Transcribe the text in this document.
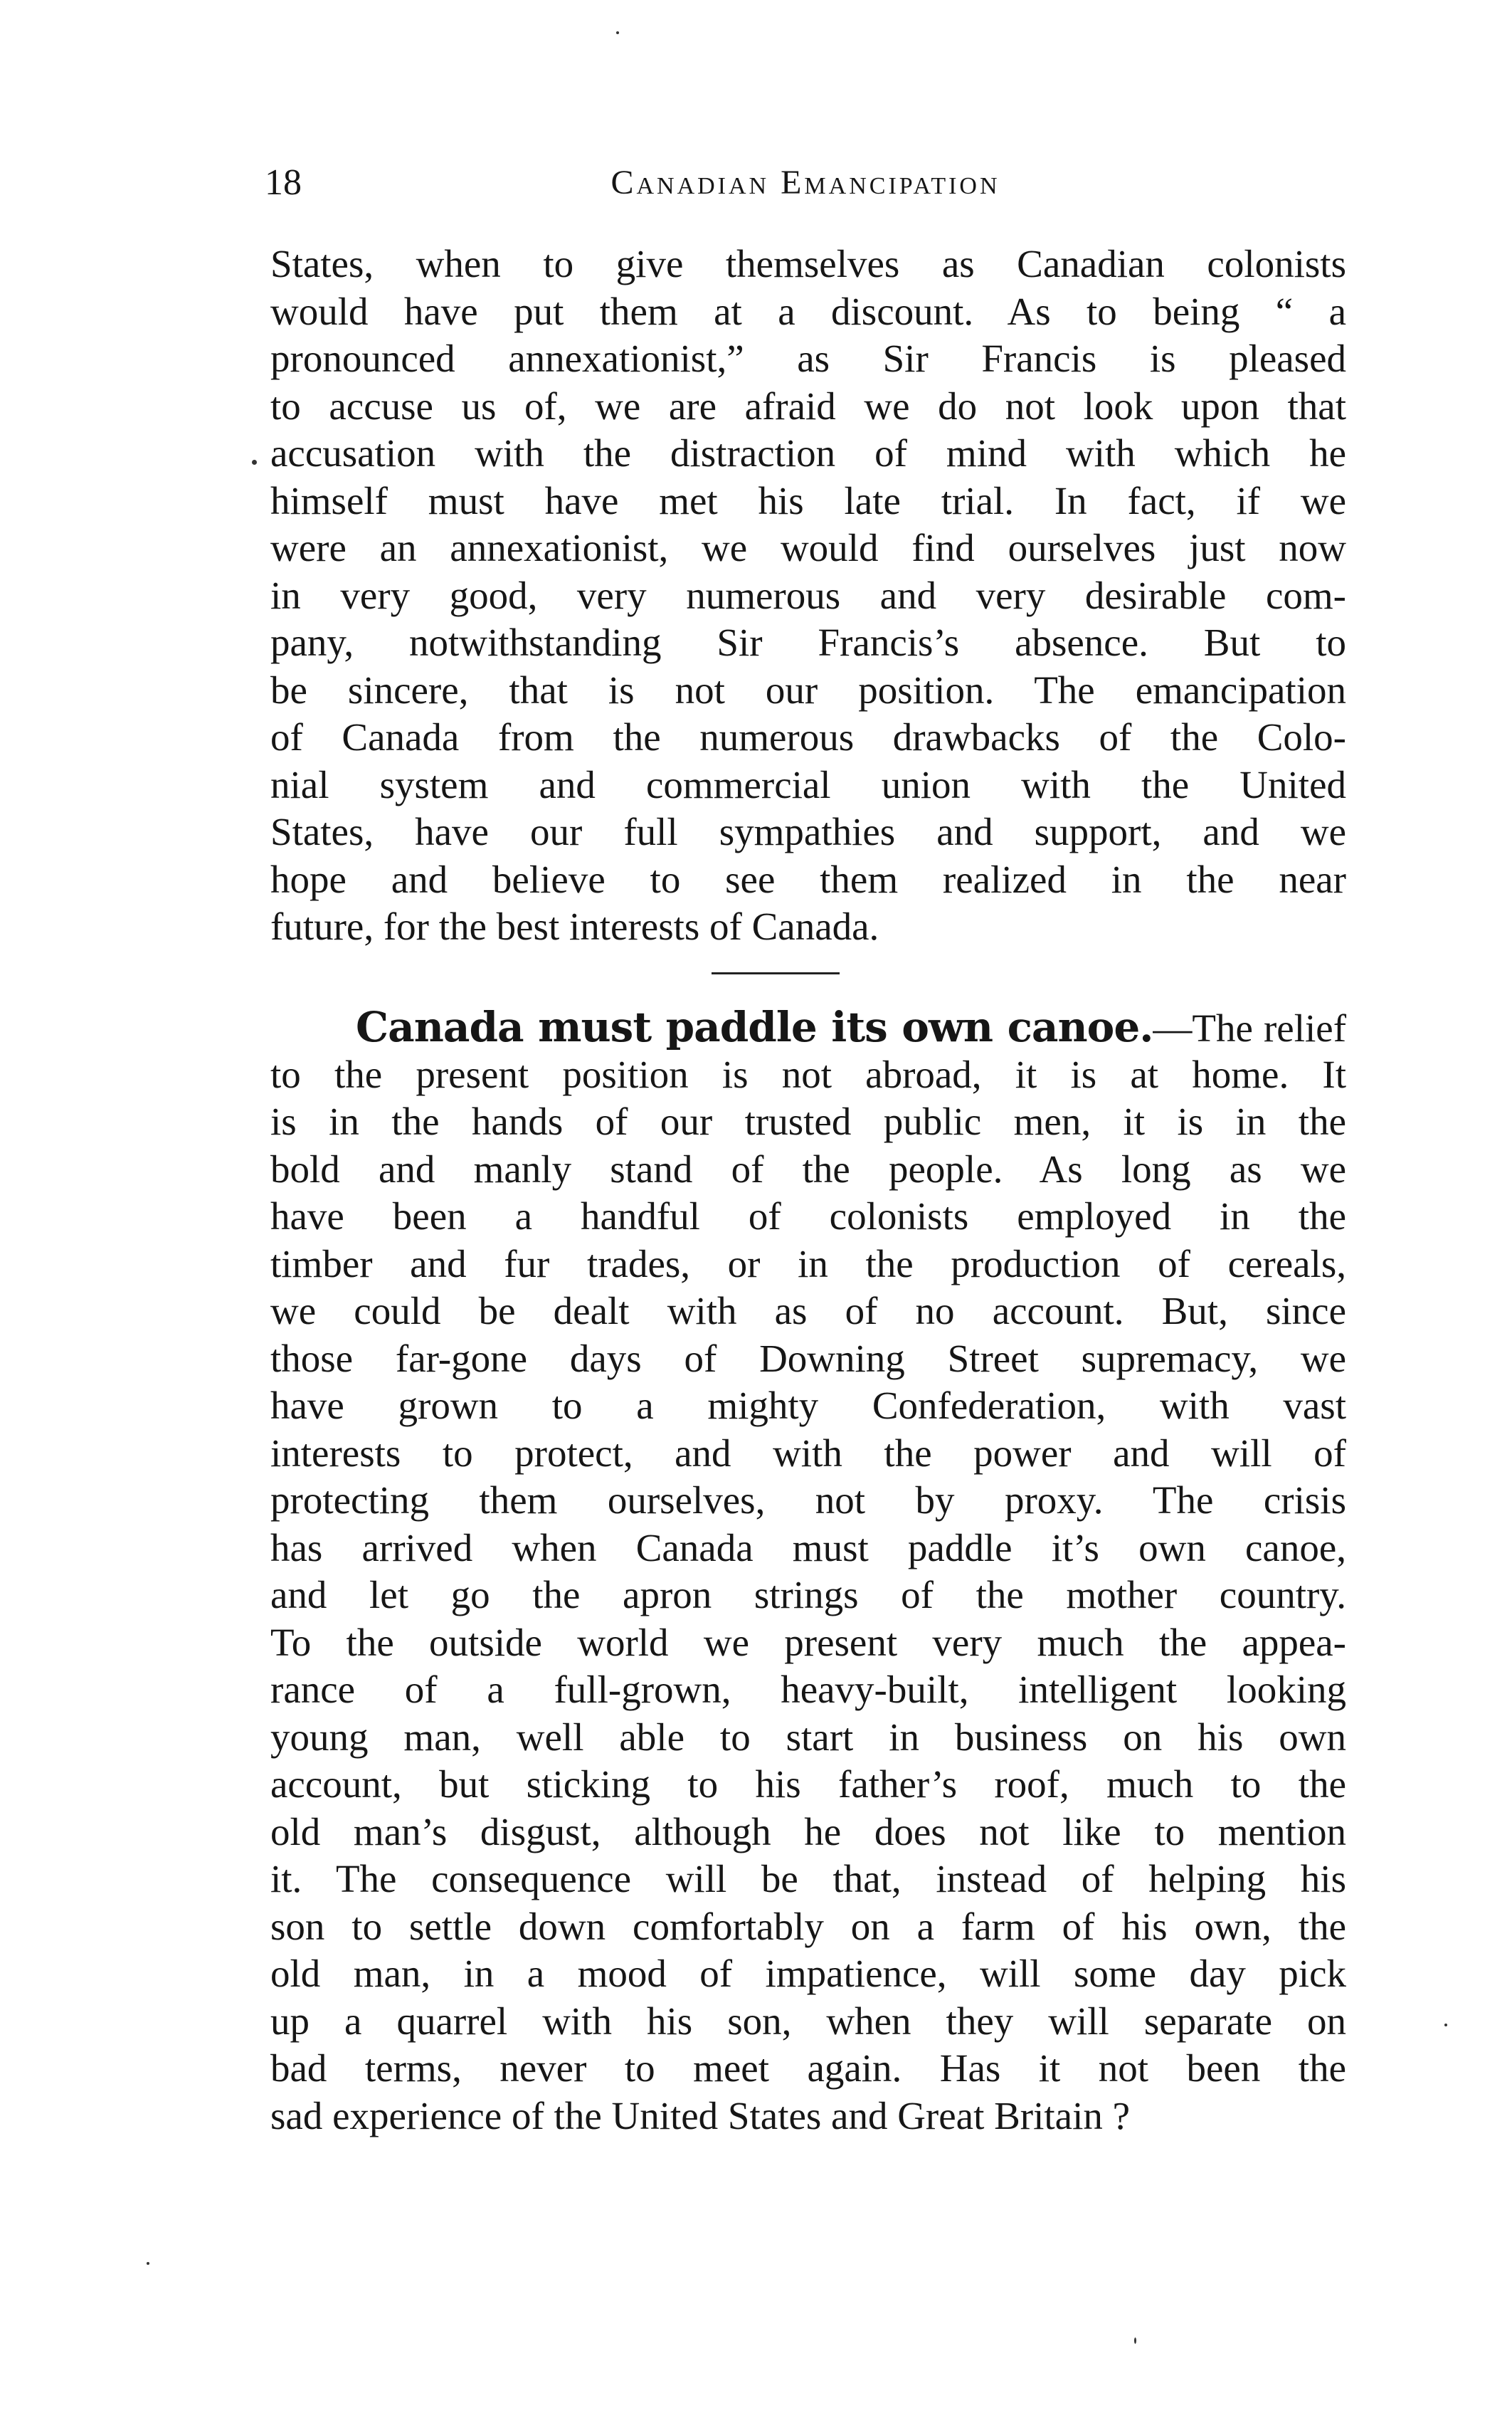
18	Canadian Emancipation
States, when to give themselves as Canadian colonists
would have put them at a discount. As to being “ a
pronounced annexationist,” as Sir Francis is pleased
to accuse us of, we are afraid we do not look upon that
accusation with the distraction of mind with which he
himself must have met his late trial. In fact, if we
were an annexationist, we would find ourselves just now
in very good, very numerous and very desirable com-
pany, notwithstanding Sir Francis’s absence. But to
be sincere, that is not our position. The emancipation
of Canada from the numerous drawbacks of the Colo-
nial system and commercial union with the United
States, have our full sympathies and support, and we
hope and believe to see them realized in the near
future, for the best interests of Canada.
Canada must paddle its own canoe.—The relief
to the present position is not abroad, it is at home. It
is in the hands of our trusted public men, it is in the
bold and manly stand of the people. As long as we
have been a handful of colonists employed in the
timber and fur trades, or in the production of cereals,
we could be dealt with as of no account. But, since
those far-gone days of Downing Street supremacy, we
have grown to a mighty Confederation, with vast
interests to protect, and with the power and will of
protecting them ourselves, not by proxy. The crisis
has arrived when Canada must paddle it’s own canoe,
and let go the apron strings of the mother country.
To the outside world we present very much the appea-
rance of a full-grown, heavy-built, intelligent looking
young man, well able to start in business on his own
account, but sticking to his father’s roof, much to the
old man’s disgust, although he does not like to mention
it. The consequence will be that, instead of helping his
son to settle down comfortably on a farm of his own, the
old man, in a mood of impatience, will some day pick
up a quarrel with his son, when they will separate on
bad terms, never to meet again. Has it not been the
sad experience of the United States and Great Britain ?
